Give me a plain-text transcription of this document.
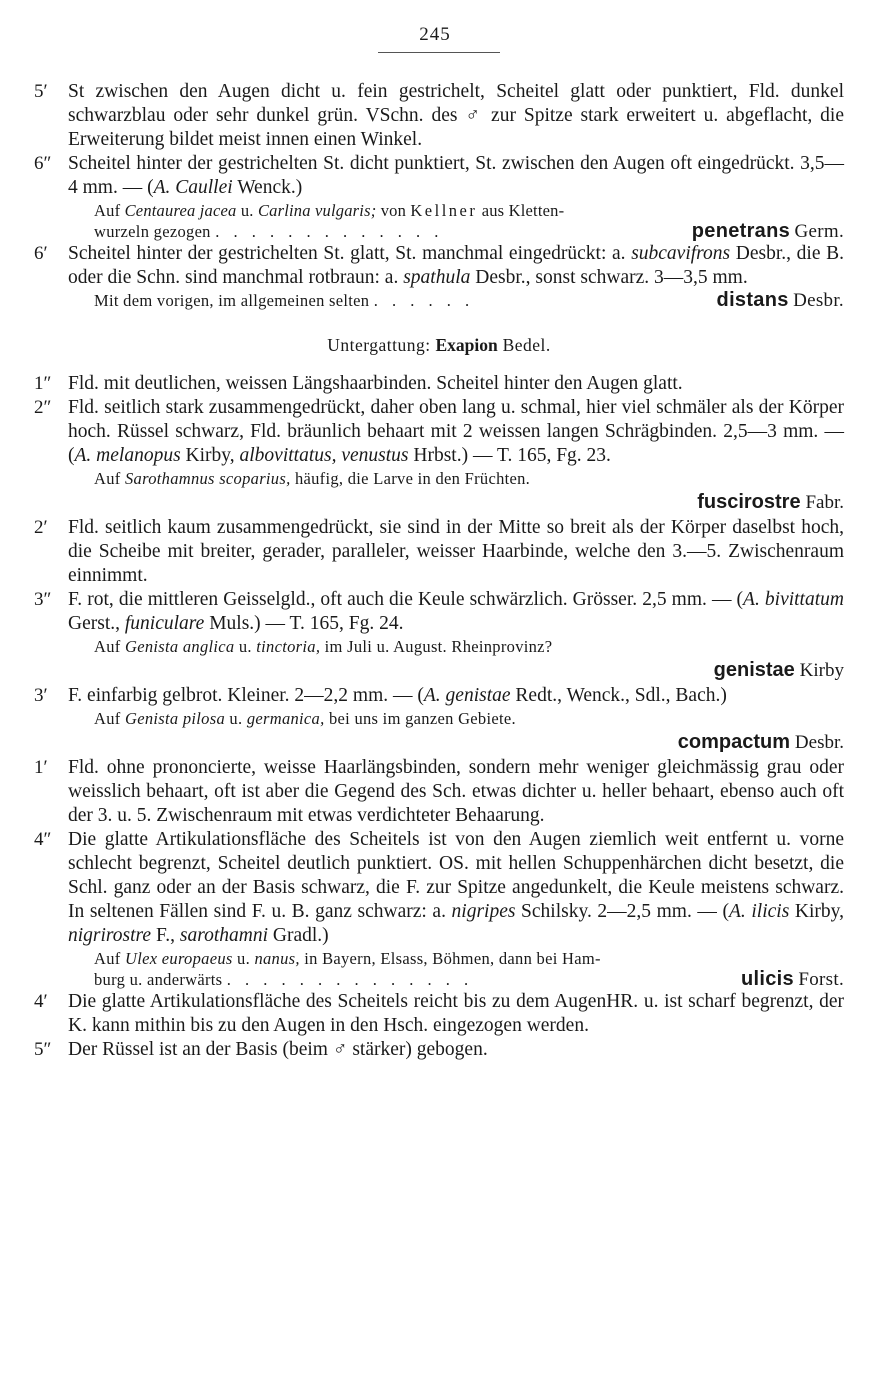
245
5′ St zwischen den Augen dicht u. fein gestrichelt, Scheitel glatt oder punktiert, Fld. dunkel schwarzblau oder sehr dunkel grün. VSchn. des ♂ zur Spitze stark erweitert u. abgeflacht, die Erweiterung bildet meist innen einen Winkel.
6″ Scheitel hinter der gestrichelten St. dicht punktiert, St. zwischen den Augen oft eingedrückt. 3,5—4 mm. — (A. Caullei Wenck.)
Auf Centaurea jacea u. Carlina vulgaris; von Kellner aus Kletten-
wurzeln gezogen . . . . . . . . . . . . .	penetrans Germ.
6′ Scheitel hinter der gestrichelten St. glatt, St. manchmal eingedrückt: a. subcavifrons Desbr., die B. oder die Schn. sind manchmal rotbraun: a. spathula Desbr., sonst schwarz. 3—3,5 mm.
Mit dem vorigen, im allgemeinen selten . . . . . .	distans Desbr.
Untergattung: Exapion Bedel.
1″ Fld. mit deutlichen, weissen Längshaarbinden. Scheitel hinter den Augen glatt.
2″ Fld. seitlich stark zusammengedrückt, daher oben lang u. schmal, hier viel schmäler als der Körper hoch. Rüssel schwarz, Fld. bräunlich behaart mit 2 weissen langen Schrägbinden. 2,5—3 mm. — (A. melanopus Kirby, albovittatus, venustus Hrbst.) — T. 165, Fg. 23.
Auf Sarothamnus scoparius, häufig, die Larve in den Früchten.
fuscirostre Fabr.
2′ Fld. seitlich kaum zusammengedrückt, sie sind in der Mitte so breit als der Körper daselbst hoch, die Scheibe mit breiter, gerader, paralleler, weisser Haarbinde, welche den 3.—5. Zwischenraum einnimmt.
3″ F. rot, die mittleren Geisselgld., oft auch die Keule schwärzlich. Grösser. 2,5 mm. — (A. bivittatum Gerst., funiculare Muls.) — T. 165, Fg. 24.
Auf Genista anglica u. tinctoria, im Juli u. August. Rheinprovinz?
genistae Kirby
3′ F. einfarbig gelbrot. Kleiner. 2—2,2 mm. — (A. genistae Redt., Wenck., Sdl., Bach.)
Auf Genista pilosa u. germanica, bei uns im ganzen Gebiete.
compactum Desbr.
1′ Fld. ohne prononcierte, weisse Haarlängsbinden, sondern mehr weniger gleichmässig grau oder weisslich behaart, oft ist aber die Gegend des Sch. etwas dichter u. heller behaart, ebenso auch oft der 3. u. 5. Zwischenraum mit etwas verdichteter Behaarung.
4″ Die glatte Artikulationsfläche des Scheitels ist von den Augen ziemlich weit entfernt u. vorne schlecht begrenzt, Scheitel deutlich punktiert. OS. mit hellen Schuppenhärchen dicht besetzt, die Schl. ganz oder an der Basis schwarz, die F. zur Spitze angedunkelt, die Keule meistens schwarz. In seltenen Fällen sind F. u. B. ganz schwarz: a. nigripes Schilsky. 2—2,5 mm. — (A. ilicis Kirby, nigrirostre F., sarothamni Gradl.)
Auf Ulex europaeus u. nanus, in Bayern, Elsass, Böhmen, dann bei Ham-
burg u. anderwärts . . . . . . . . . . . . . .	ulicis Forst.
4′ Die glatte Artikulationsfläche des Scheitels reicht bis zu dem AugenHR. u. ist scharf begrenzt, der K. kann mithin bis zu den Augen in den Hsch. eingezogen werden.
5″ Der Rüssel ist an der Basis (beim ♂ stärker) gebogen.
